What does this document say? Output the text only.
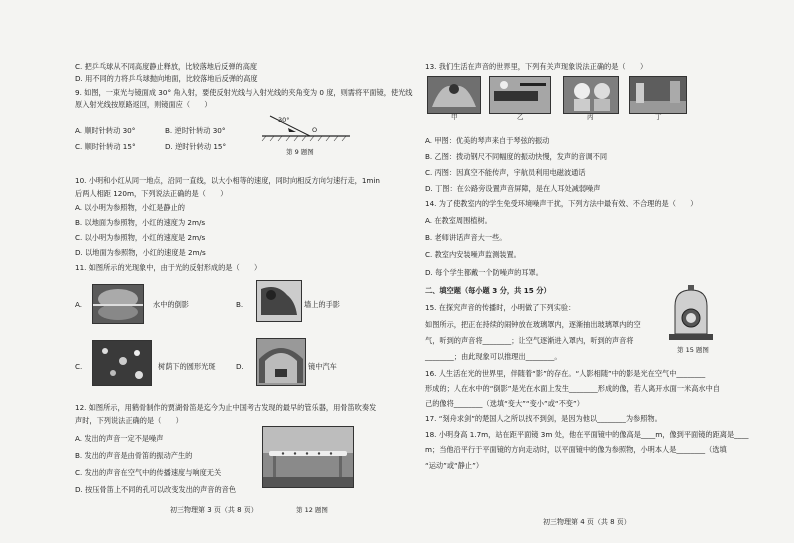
C. 把乒乓球从不同高度静止释放，比较落地后反弹的高度
D. 用不同的力将乒乓球抛向地面，比较落地后反弹的高度
9. 如图，一束光与镜面成 30° 角入射，要使反射光线与入射光线的夹角变为 0 度，则需将平面镜，使光线
原入射光线按原路返回，则镜面应（　　）
A. 顺时针转动 30°	B. 逆时针转动 30°
C. 顺时针转动 15°	D. 逆时针转动 15°
30°
O
第 9 题图
10. 小明和小红从同一地点，沿同一直线，以大小相等的速度，同时向相反方向匀速行走，1min
后两人相距 120m，下列说法正确的是（　　）
A. 以小明为参照物，小红是静止的
B. 以地面为参照物，小红的速度为 2m/s
C. 以小明为参照物，小红的速度是 2m/s
D. 以地面为参照物，小红的速度是 2m/s
11. 如图所示的光现象中，由于光的反射形成的是（　　）
A.	水中的倒影	B.	墙上的手影
C.	树荫下的圆形光斑	D.	镜中汽车
12. 如图所示，用鹤骨制作的贾湖骨笛是迄今为止中国考古发现的最早的管乐器，用骨笛吹奏发
声时，下列说法正确的是（　　）
A. 发出的声音一定不是噪声
B. 发出的声音是由骨笛的振动产生的
C. 发出的声音在空气中的传播速度与响度无关
D. 按压骨笛上不同的孔可以改变发出的声音的音色
第 12 题图
初三物理第 3 页（共 8 页）
13. 我们生活在声音的世界里，下列有关声现象说法正确的是（　　）
甲	乙	丙	丁
A. 甲图：优美的琴声来自于琴弦的振动
B. 乙图：拨动钢尺不同幅度的振动快慢，发声的音调不同
C. 丙图：因真空不能传声，宇航员利用电磁波通话
D. 丁图：在公路旁设置声音屏障，是在人耳处减弱噪声
14. 为了使教室内的学生免受环境噪声干扰，下列方法中最有效、不合理的是（　　）
A. 在教室周围植树。
B. 老师讲话声音大一些。
C. 教室内安装噪声监测装置。
D. 每个学生都戴一个防噪声的耳罩。
二、填空题（每小题 3 分，共 15 分）
15. 在探究声音的传播时，小明做了下列实验：
如图所示，把正在持续的闹钟放在玻璃罩内，逐渐抽出玻璃罩内的空
气，听到的声音将________；让空气逐渐进入罩内，听到的声音将
________；由此现象可以推理出________。
第 15 题图
16. 人生活在光的世界里，伴随着“影”的存在。“人影相随”中的影是光在空气中________
形成的；人在水中的“倒影”是光在水面上发生________形成的像，若人离开水面一米高水中自
己的像将________（选填“变大”“变小”或“不变”）
17. “刻舟求剑”的楚国人之所以找不到剑，是因为他以________为参照物。
18. 小明身高 1.7m，站在距平面镜 3m 处，他在平面镜中的像高是____m，像到平面镜的距离是____
m；当他沿平行于平面镜的方向走动时，以平面镜中的像为参照物，小明本人是________（选填
“运动”或“静止”）
初三物理第 4 页（共 8 页）
